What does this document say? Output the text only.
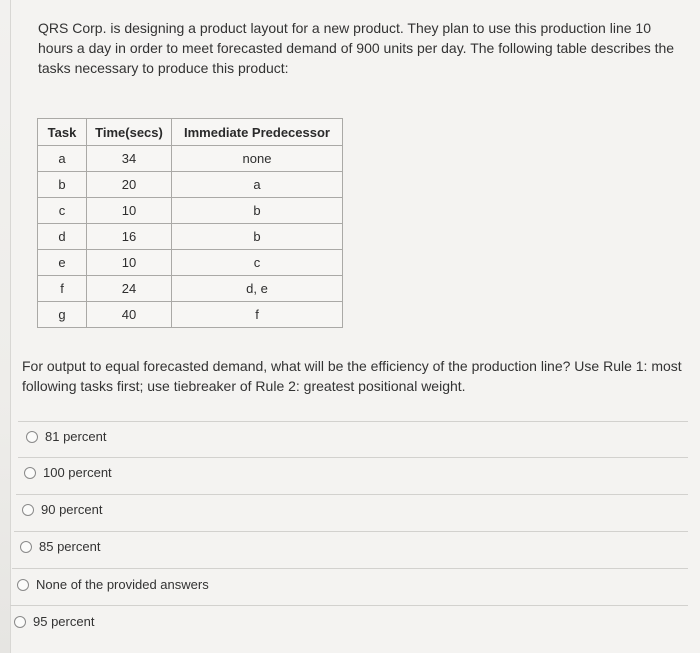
QRS Corp. is designing a product layout for a new product. They plan to use this production line 10 hours a day in order to meet forecasted demand of 900 units per day. The following table describes the tasks necessary to produce this product:

Task	Time(secs)	Immediate Predecessor
a	34	none
b	20	a
c	10	b
d	16	b
e	10	c
f	24	d, e
g	40	f

For output to equal forecasted demand, what will be the efficiency of the production line? Use Rule 1: most following tasks first; use tiebreaker of Rule 2: greatest positional weight.

81 percent
100 percent
90 percent
85 percent
None of the provided answers
95 percent
